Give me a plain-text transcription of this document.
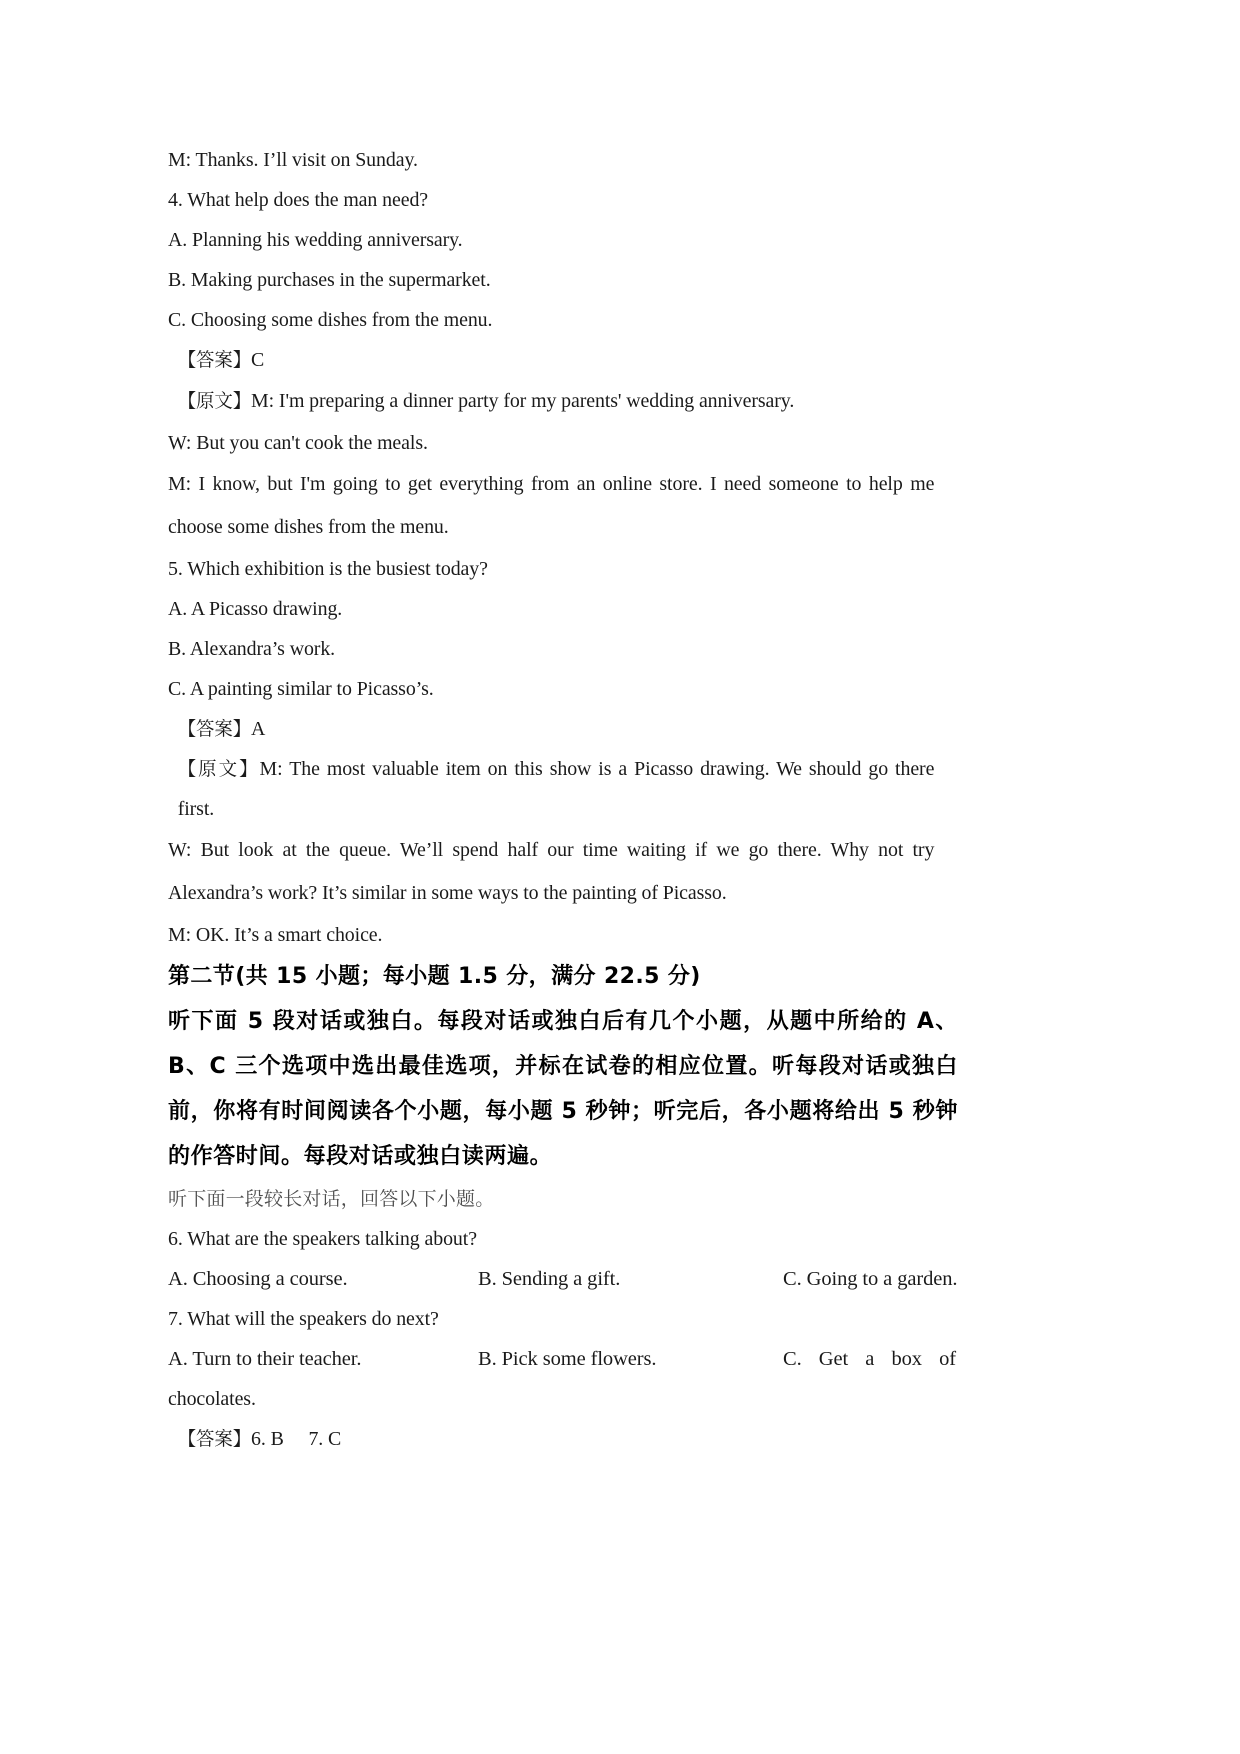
M: Thanks. I’ll visit on Sunday.
4. What help does the man need?
A. Planning his wedding anniversary.
B. Making purchases in the supermarket.
C. Choosing some dishes from the menu.
【答案】C
【原文】M: I'm preparing a dinner party for my parents' wedding anniversary.
W: But you can't cook the meals.
M: I know, but I'm going to get everything from an online store. I need someone to help me choose some dishes from the menu.
5. Which exhibition is the busiest today?
A. A Picasso drawing.
B. Alexandra’s work.
C. A painting similar to Picasso’s.
【答案】A
【原文】M: The most valuable item on this show is a Picasso drawing. We should go there first.
W: But look at the queue. We’ll spend half our time waiting if we go there. Why not try Alexandra’s work? It’s similar in some ways to the painting of Picasso.
M: OK. It’s a smart choice.
第二节(共 15 小题；每小题 1.5 分，满分 22.5 分)
听下面 5 段对话或独白。每段对话或独白后有几个小题，从题中所给的 A、B、C 三个选项中选出最佳选项，并标在试卷的相应位置。听每段对话或独白前，你将有时间阅读各个小题，每小题 5 秒钟；听完后，各小题将给出 5 秒钟的作答时间。每段对话或独白读两遍。
听下面一段较长对话，回答以下小题。
6. What are the speakers talking about?
A. Choosing a course.	B. Sending a gift.	C. Going to a garden.
7. What will the speakers do next?
A. Turn to their teacher.	B. Pick some flowers.	C. Get a box of
chocolates.
【答案】6. B  7. C
